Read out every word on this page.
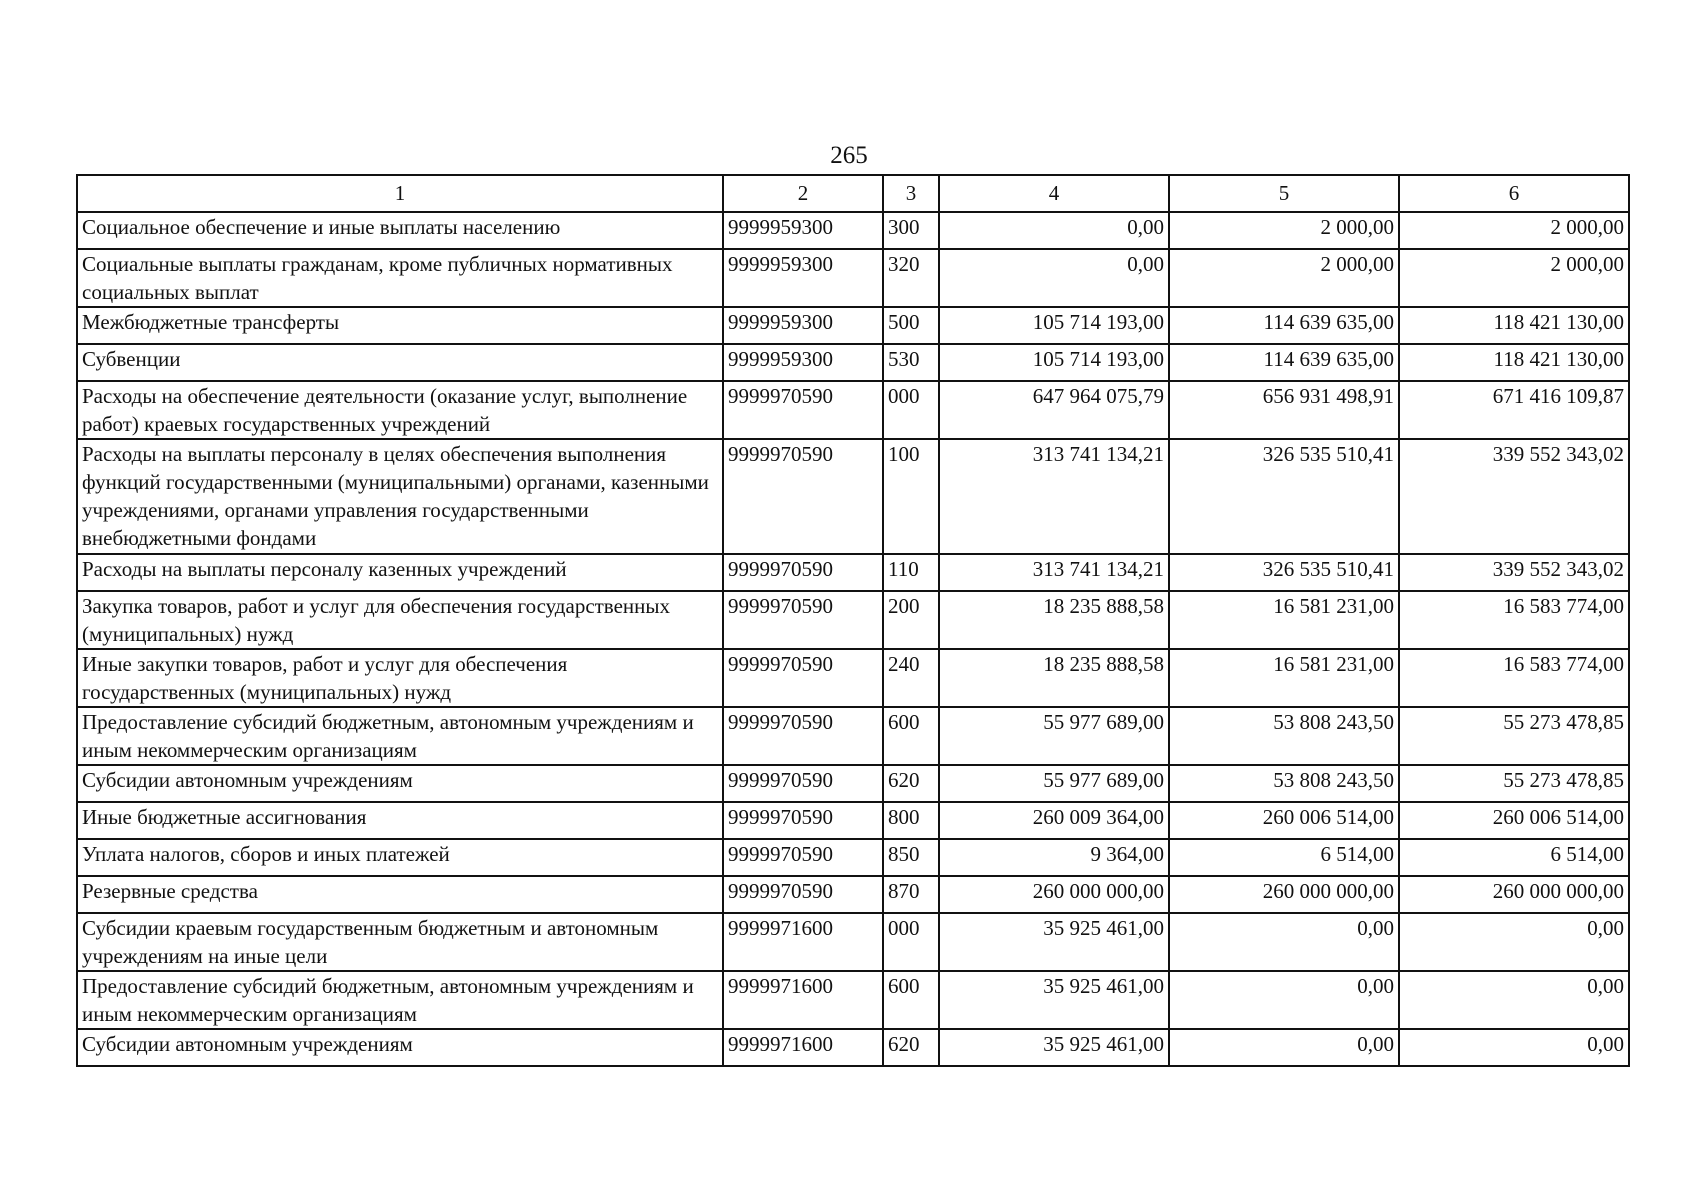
265
1	2	3	4	5	6
Социальное обеспечение и иные выплаты населению	9999959300	300	0,00	2 000,00	2 000,00
Социальные выплаты гражданам, кроме публичных нормативных социальных выплат	9999959300	320	0,00	2 000,00	2 000,00
Межбюджетные трансферты	9999959300	500	105 714 193,00	114 639 635,00	118 421 130,00
Субвенции	9999959300	530	105 714 193,00	114 639 635,00	118 421 130,00
Расходы на обеспечение деятельности (оказание услуг, выполнение работ) краевых государственных учреждений	9999970590	000	647 964 075,79	656 931 498,91	671 416 109,87
Расходы на выплаты персоналу в целях обеспечения выполнения функций государственными (муниципальными) органами, казенными учреждениями, органами управления государственными внебюджетными фондами	9999970590	100	313 741 134,21	326 535 510,41	339 552 343,02
Расходы на выплаты персоналу казенных учреждений	9999970590	110	313 741 134,21	326 535 510,41	339 552 343,02
Закупка товаров, работ и услуг для обеспечения государственных (муниципальных) нужд	9999970590	200	18 235 888,58	16 581 231,00	16 583 774,00
Иные закупки товаров, работ и услуг для обеспечения государственных (муниципальных) нужд	9999970590	240	18 235 888,58	16 581 231,00	16 583 774,00
Предоставление субсидий бюджетным, автономным учреждениям и иным некоммерческим организациям	9999970590	600	55 977 689,00	53 808 243,50	55 273 478,85
Субсидии автономным учреждениям	9999970590	620	55 977 689,00	53 808 243,50	55 273 478,85
Иные бюджетные ассигнования	9999970590	800	260 009 364,00	260 006 514,00	260 006 514,00
Уплата налогов, сборов и иных платежей	9999970590	850	9 364,00	6 514,00	6 514,00
Резервные средства	9999970590	870	260 000 000,00	260 000 000,00	260 000 000,00
Субсидии краевым государственным бюджетным и автономным учреждениям на иные цели	9999971600	000	35 925 461,00	0,00	0,00
Предоставление субсидий бюджетным, автономным учреждениям и иным некоммерческим организациям	9999971600	600	35 925 461,00	0,00	0,00
Субсидии автономным учреждениям	9999971600	620	35 925 461,00	0,00	0,00
